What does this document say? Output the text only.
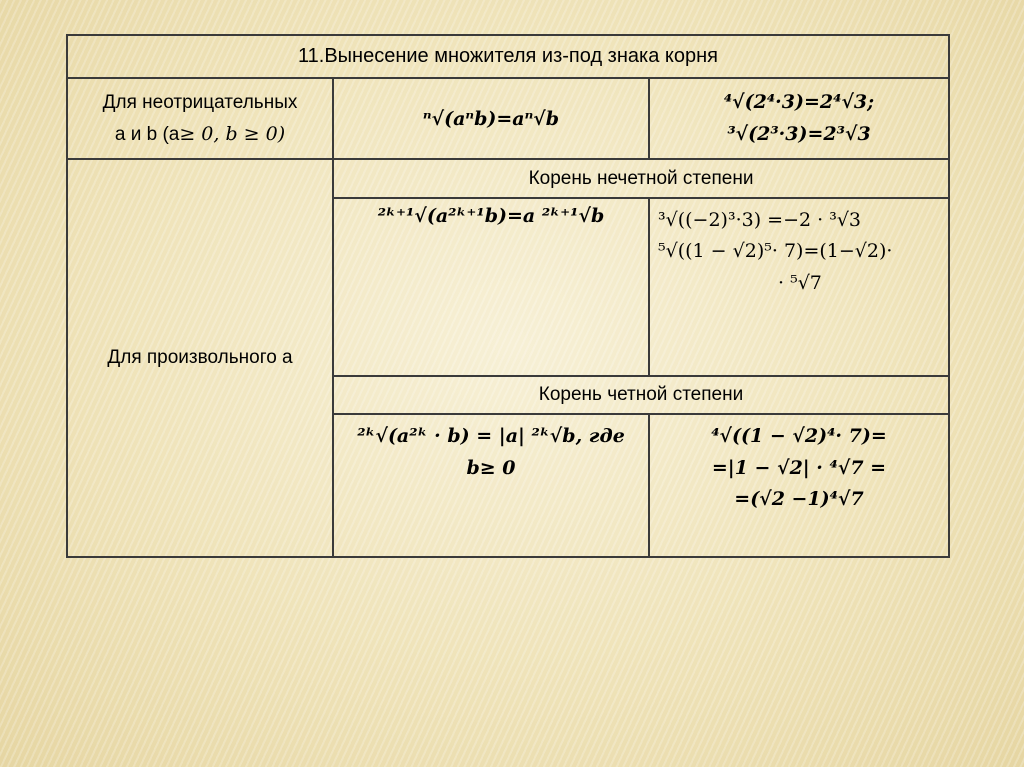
11.Вынесение множителя из-под знака корня		

Для неотрицательных
a и b (a≥ 0, b ≥ 0)	ⁿ√(aⁿb)=aⁿ√b	⁴√(2⁴·3)=2⁴√3;
³√(2³·3)=2³√3

Для произвольного a	Корень нечетной степени	
	²ᵏ⁺¹√(a²ᵏ⁺¹b)=a ²ᵏ⁺¹√b	³√((−2)³·3) =−2 · ³√3
⁵√((1 − √2)⁵· 7)=(1−√2)·
· ⁵√7

	Корень четной степени	

	²ᵏ√(a²ᵏ · b) = |a| ²ᵏ√b, где
b≥ 0	⁴√((1 − √2)⁴· 7)=
=|1 − √2| · ⁴√7 =
=(√2 −1)⁴√7
